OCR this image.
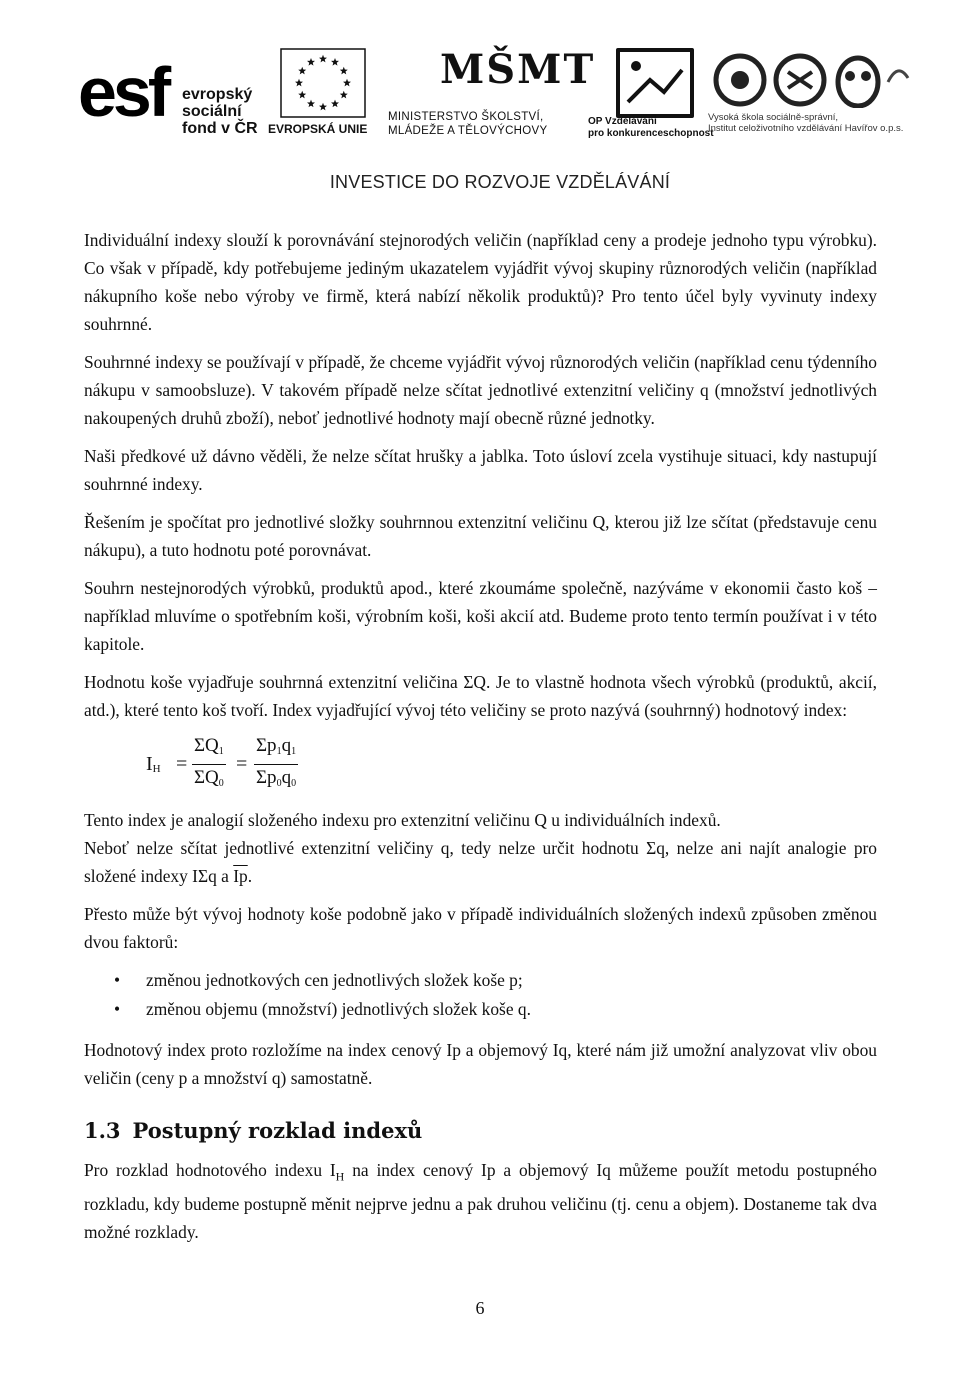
esf evropský
sociální
fond v ČR EVROPSKÁ UNIE
MŠMT
MINISTERSTVO ŠKOLSTVÍ,
MLÁDEŽE A TĚLOVÝCHOVY
OP Vzdělávání
pro konkurenceschopnost
Vysoká škola sociálně-správní,
Institut celoživotního vzdělávání Havířov o.p.s.
INVESTICE DO ROZVOJE VZDĚLÁVÁNÍ

Individuální indexy slouží k porovnávání stejnorodých veličin (například ceny a prodeje jednoho typu výrobku). Co však v případě, kdy potřebujeme jediným ukazatelem vyjádřit vývoj skupiny různorodých veličin (například nákupního koše nebo výroby ve firmě, která nabízí několik produktů)? Pro tento účel byly vyvinuty indexy souhrnné.

Souhrnné indexy se používají v případě, že chceme vyjádřit vývoj různorodých veličin (například cenu týdenního nákupu v samoobsluze). V takovém případě nelze sčítat jednotlivé extenzitní veličiny q (množství jednotlivých nakoupených druhů zboží), neboť jednotlivé hodnoty mají obecně různé jednotky.

Naši předkové už dávno věděli, že nelze sčítat hrušky a jablka. Toto úsloví zcela vystihuje situaci, kdy nastupují souhrnné indexy.

Řešením je spočítat pro jednotlivé složky souhrnnou extenzitní veličinu Q, kterou již lze sčítat (představuje cenu nákupu), a tuto hodnotu poté porovnávat.

Souhrn nestejnorodých výrobků, produktů apod., které zkoumáme společně, nazýváme v ekonomii často koš – například mluvíme o spotřebním koši, výrobním koši, koši akcií atd. Budeme proto tento termín používat i v této kapitole.

Hodnotu koše vyjadřuje souhrnná extenzitní veličina ΣQ. Je to vlastně hodnota všech výrobků (produktů, akcií, atd.), které tento koš tvoří. Index vyjadřující vývoj této veličiny se proto nazývá (souhrnný) hodnotový index:

$I_H = \frac{\Sigma Q_1}{\Sigma Q_0} = \frac{\Sigma p_1q_1}{\Sigma p_0q_0}$

Tento index je analogií složeného indexu pro extenzitní veličinu Q u individuálních indexů.

Neboť nelze sčítat jednotlivé extenzitní veličiny q, tedy nelze určit hodnotu Σq, nelze ani najít analogie pro složené indexy IΣq a $\overline{Ip}$.

Přesto může být vývoj hodnoty koše podobně jako v případě individuálních složených indexů způsoben změnou dvou faktorů:

• změnou jednotkových cen jednotlivých složek koše p;
• změnou objemu (množství) jednotlivých složek koše q.

Hodnotový index proto rozložíme na index cenový Ip a objemový Iq, které nám již umožní analyzovat vliv obou veličin (ceny p a množství q) samostatně.

1.3 Postupný rozklad indexů

Pro rozklad hodnotového indexu $I_H$ na index cenový Ip a objemový Iq můžeme použít metodu postupného rozkladu, kdy budeme postupně měnit nejprve jednu a pak druhou veličinu (tj. cenu a objem). Dostaneme tak dva možné rozklady.

6
